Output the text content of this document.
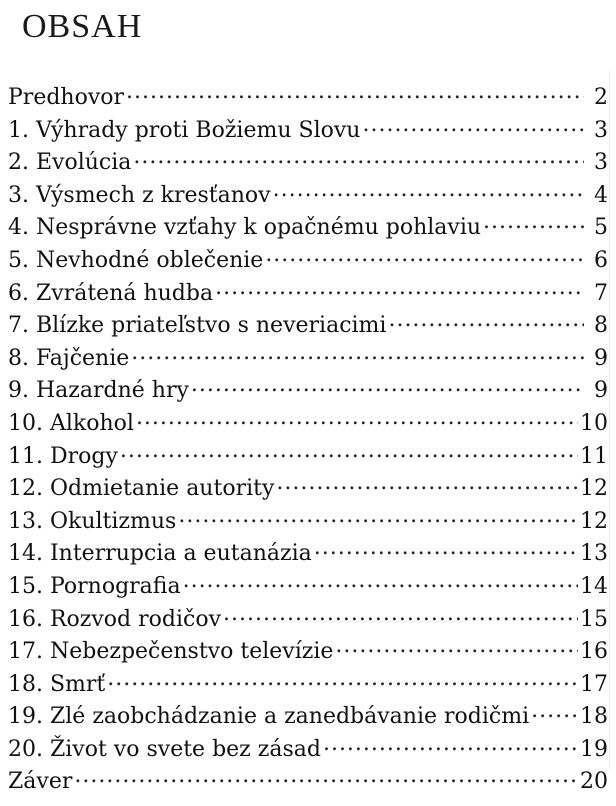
OBSAH
Predhovor .....	2
1. Výhrady proti Božiemu Slovu .....	3
2. Evolúcia .....	3
3. Výsmech z kresťanov .....	4
4. Nesprávne vzťahy k opačnému pohlaviu .....	5
5. Nevhodné oblečenie .....	6
6. Zvrátená hudba .....	7
7. Blízke priateľstvo s neveriacimi .....	8
8. Fajčenie .....	9
9. Hazardné hry .....	9
10. Alkohol .....	10
11. Drogy .....	11
12. Odmietanie autority .....	12
13. Okultizmus .....	12
14. Interrupcia a eutanázia .....	13
15. Pornografia .....	14
16. Rozvod rodičov .....	15
17. Nebezpečenstvo televízie .....	16
18. Smrť .....	17
19. Zlé zaobchádzanie a zanedbávanie rodičmi ..... 18
20. Život vo svete bez zásad .....	19
Záver .....	20
